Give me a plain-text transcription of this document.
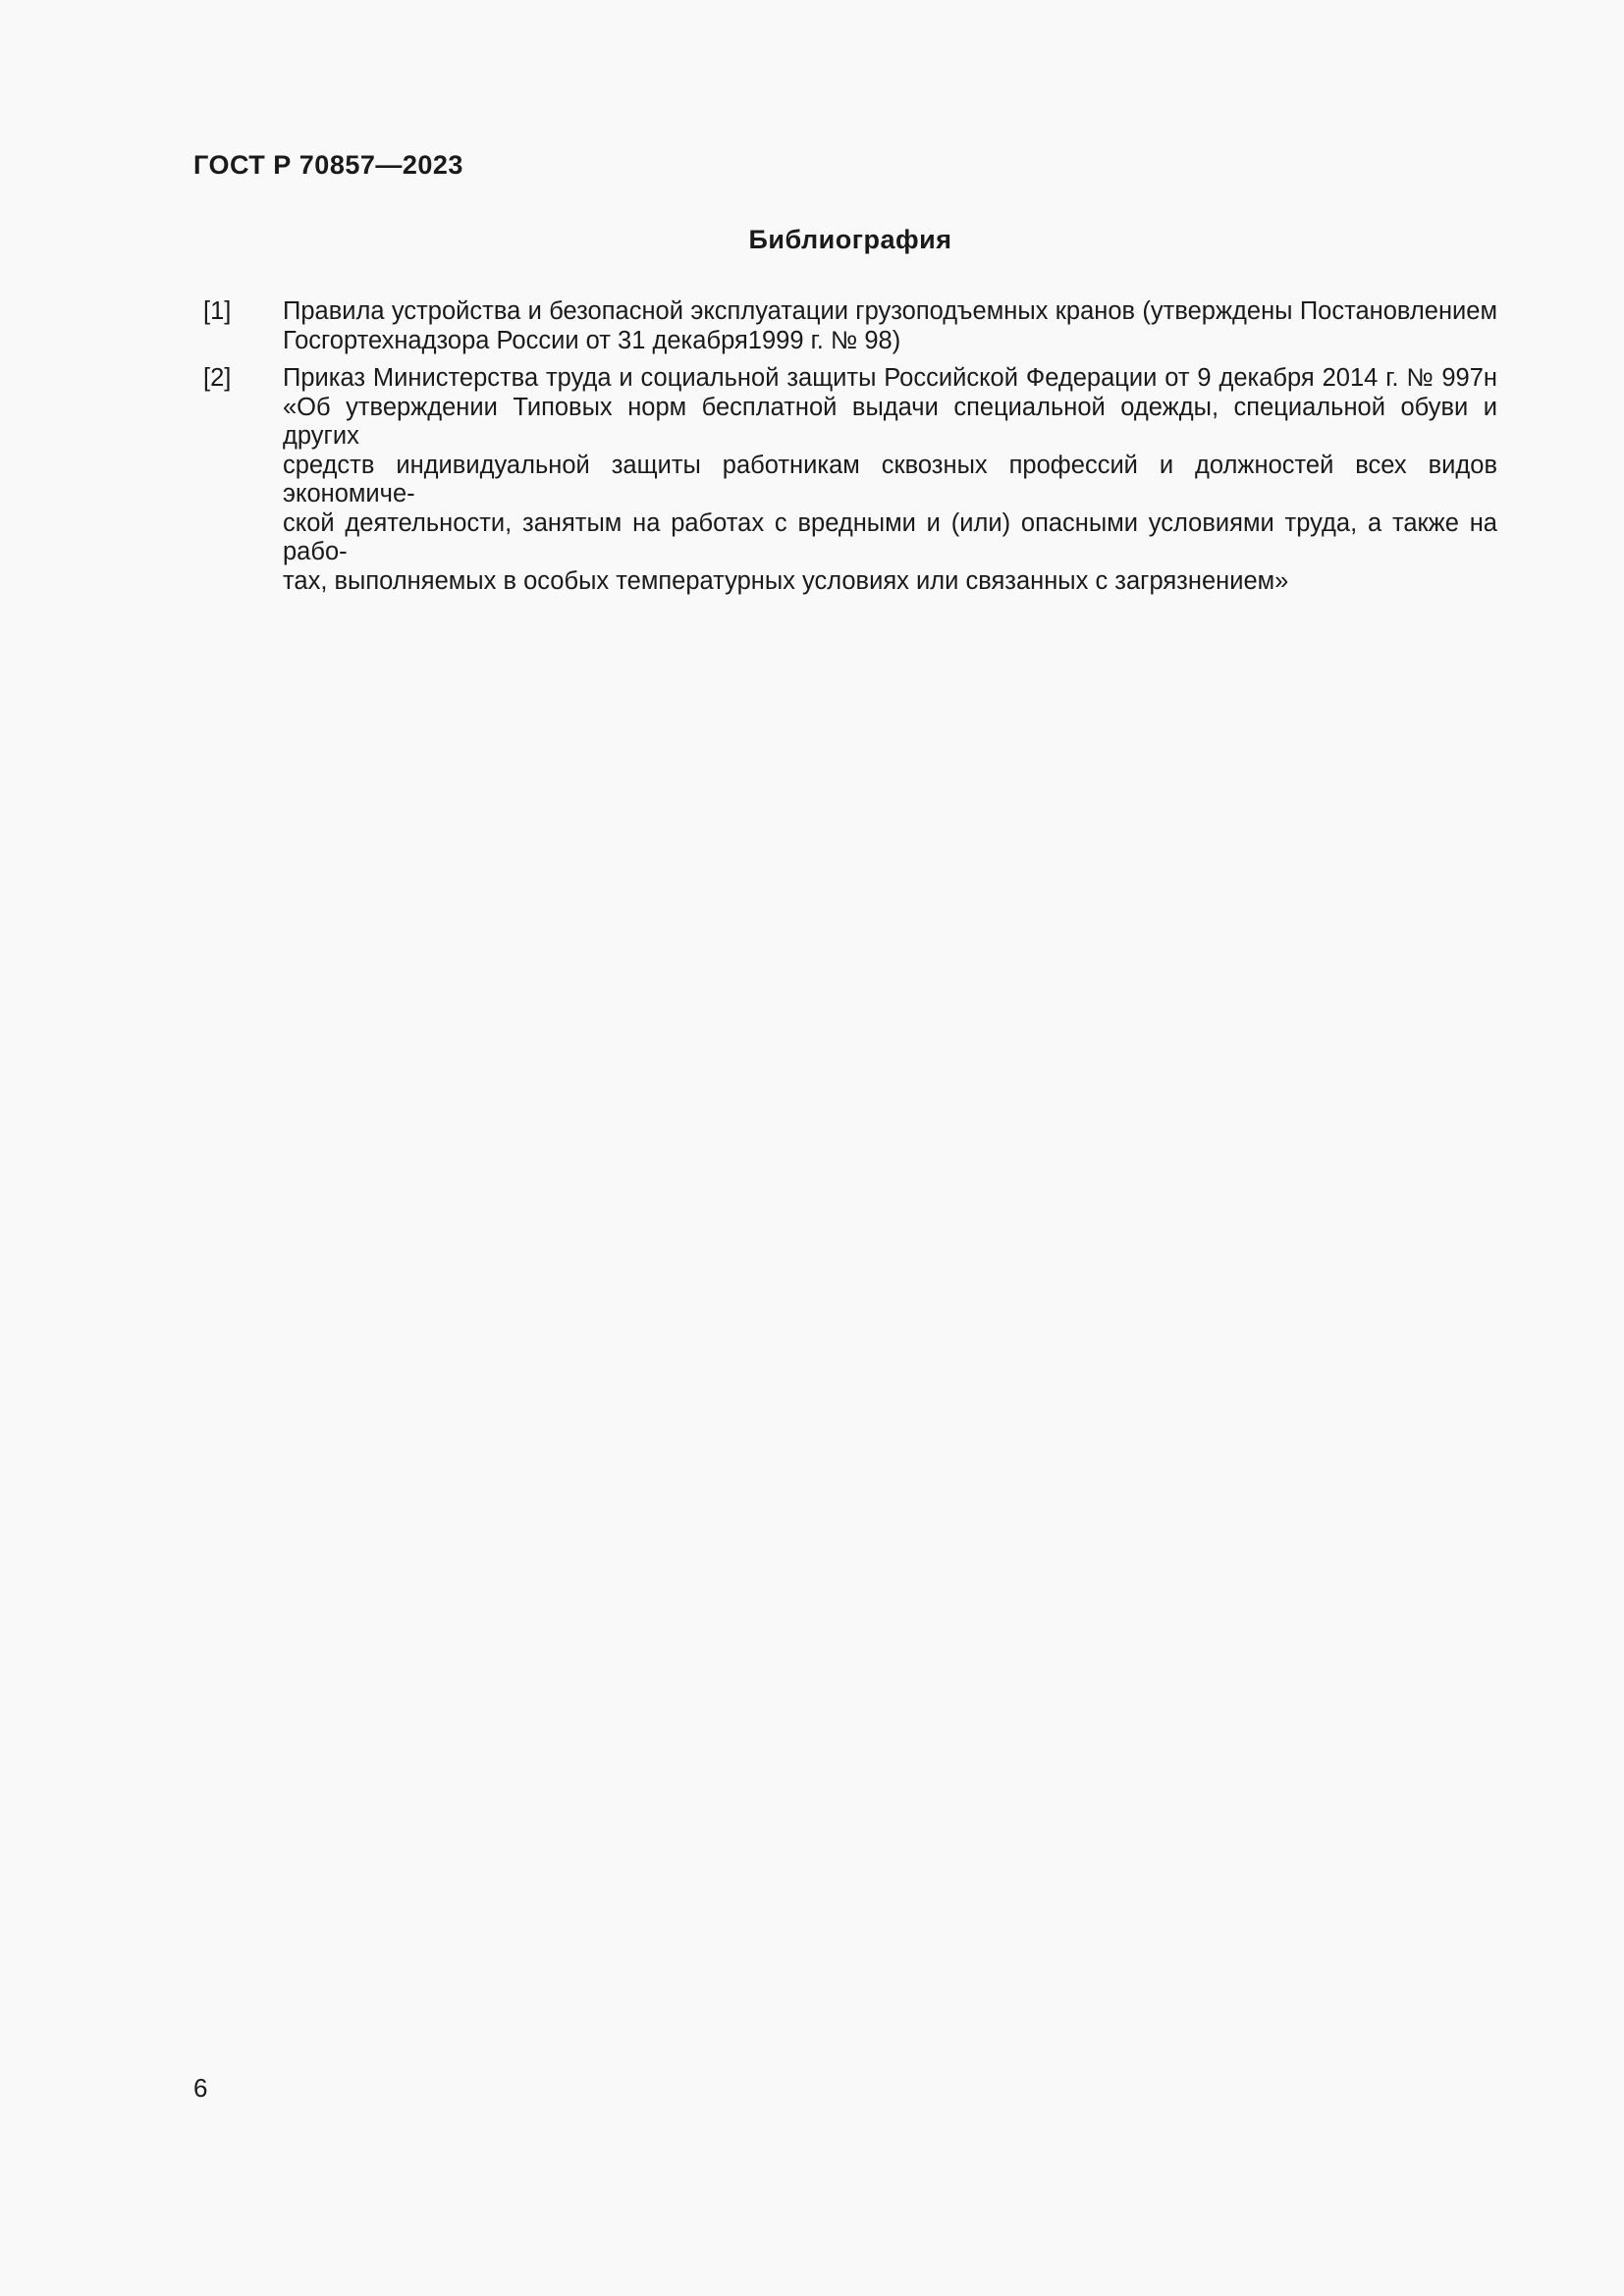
ГОСТ Р 70857—2023
Библиография
[1]	Правила устройства и безопасной эксплуатации грузоподъемных кранов (утверждены Постановлением
Госгортехнадзора России от 31 декабря1999 г. № 98)
[2]	Приказ Министерства труда и социальной защиты Российской Федерации от 9 декабря 2014 г. № 997н
«Об утверждении Типовых норм бесплатной выдачи специальной одежды, специальной обуви и других
средств индивидуальной защиты работникам сквозных профессий и должностей всех видов экономиче-
ской деятельности, занятым на работах с вредными и (или) опасными условиями труда, а также на рабо-
тах, выполняемых в особых температурных условиях или связанных с загрязнением»

6
